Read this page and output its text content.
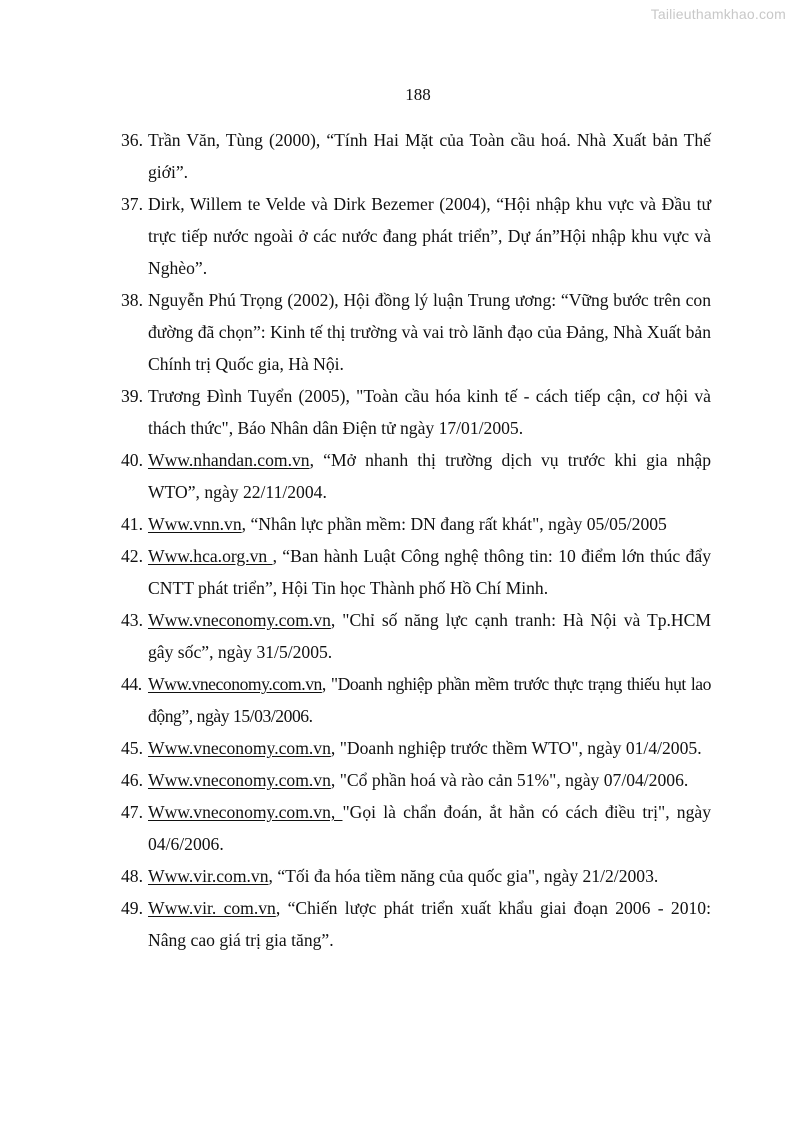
Tailieuthamkhao.com
188
36. Trần Văn, Tùng (2000), “Tính Hai Mặt của Toàn cầu hoá. Nhà Xuất bản Thế giới”.
37. Dirk, Willem te Velde và Dirk Bezemer (2004), “Hội nhập khu vực và Đầu tư trực tiếp nước ngoài ở các nước đang phát triển”, Dự án”Hội nhập khu vực và Nghèo”.
38. Nguyễn Phú Trọng (2002), Hội đồng lý luận Trung ương: “Vững bước trên con đường đã chọn”: Kinh tế thị trường và vai trò lãnh đạo của Đảng, Nhà Xuất bản Chính trị Quốc gia, Hà Nội.
39. Trương Đình Tuyển (2005), "Toàn cầu hóa kinh tế - cách tiếp cận, cơ hội và thách thức", Báo Nhân dân Điện tử ngày 17/01/2005.
40. Www.nhandan.com.vn, “Mở nhanh thị trường dịch vụ trước khi gia nhập WTO”, ngày 22/11/2004.
41. Www.vnn.vn, “Nhân lực phần mềm: DN đang rất khát", ngày 05/05/2005
42. Www.hca.org.vn , “Ban hành Luật Công nghệ thông tin: 10 điểm lớn thúc đẩy CNTT phát triển”, Hội Tin học Thành phố Hồ Chí Minh.
43. Www.vneconomy.com.vn, "Chỉ số năng lực cạnh tranh: Hà Nội và Tp.HCM gây sốc”, ngày 31/5/2005.
44. Www.vneconomy.com.vn, "Doanh nghiệp phần mềm trước thực trạng thiếu hụt lao động”, ngày 15/03/2006.
45. Www.vneconomy.com.vn, "Doanh nghiệp trước thềm WTO", ngày 01/4/2005.
46. Www.vneconomy.com.vn, "Cổ phần hoá và rào cản 51%", ngày 07/04/2006.
47. Www.vneconomy.com.vn, "Gọi là chẩn đoán, ắt hẳn có cách điều trị", ngày 04/6/2006.
48. Www.vir.com.vn, “Tối đa hóa tiềm năng của quốc gia", ngày 21/2/2003.
49. Www.vir. com.vn, “Chiến lược phát triển xuất khẩu giai đoạn 2006 - 2010: Nâng cao giá trị gia tăng”.
